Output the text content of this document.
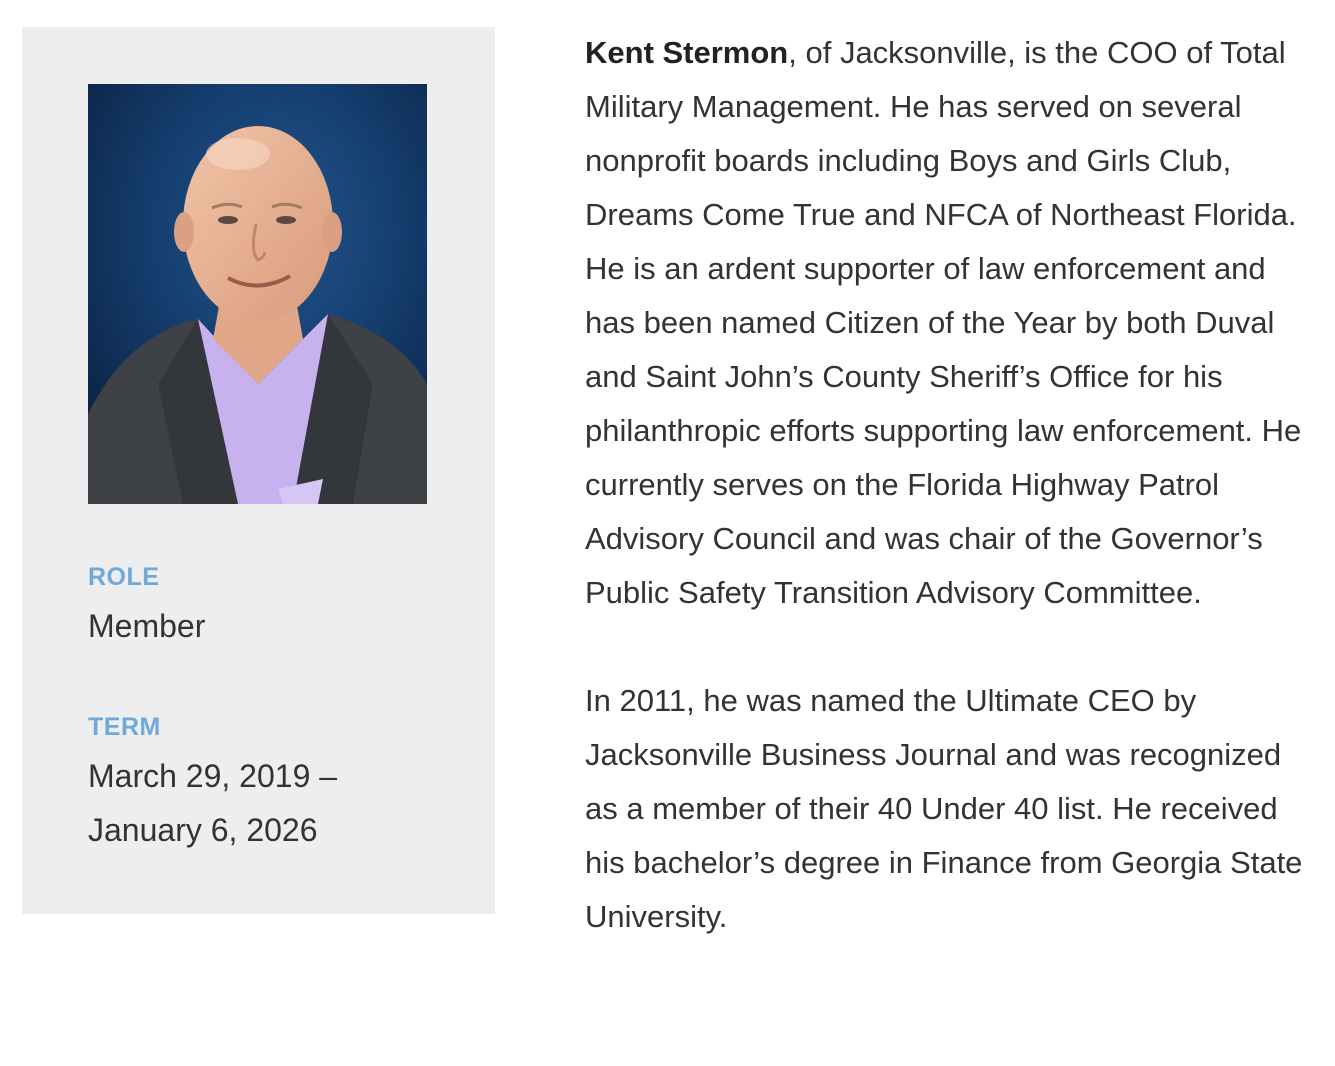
ROLE
Member
TERM
March 29, 2019 –
January 6, 2026

Kent Stermon, of Jacksonville, is the COO of Total Military Management. He has served on several nonprofit boards including Boys and Girls Club, Dreams Come True and NFCA of Northeast Florida. He is an ardent supporter of law enforcement and has been named Citizen of the Year by both Duval and Saint John’s County Sheriff’s Office for his philanthropic efforts supporting law enforcement. He currently serves on the Florida Highway Patrol Advisory Council and was chair of the Governor’s Public Safety Transition Advisory Committee.

In 2011, he was named the Ultimate CEO by Jacksonville Business Journal and was recognized as a member of their 40 Under 40 list. He received his bachelor’s degree in Finance from Georgia State University.
